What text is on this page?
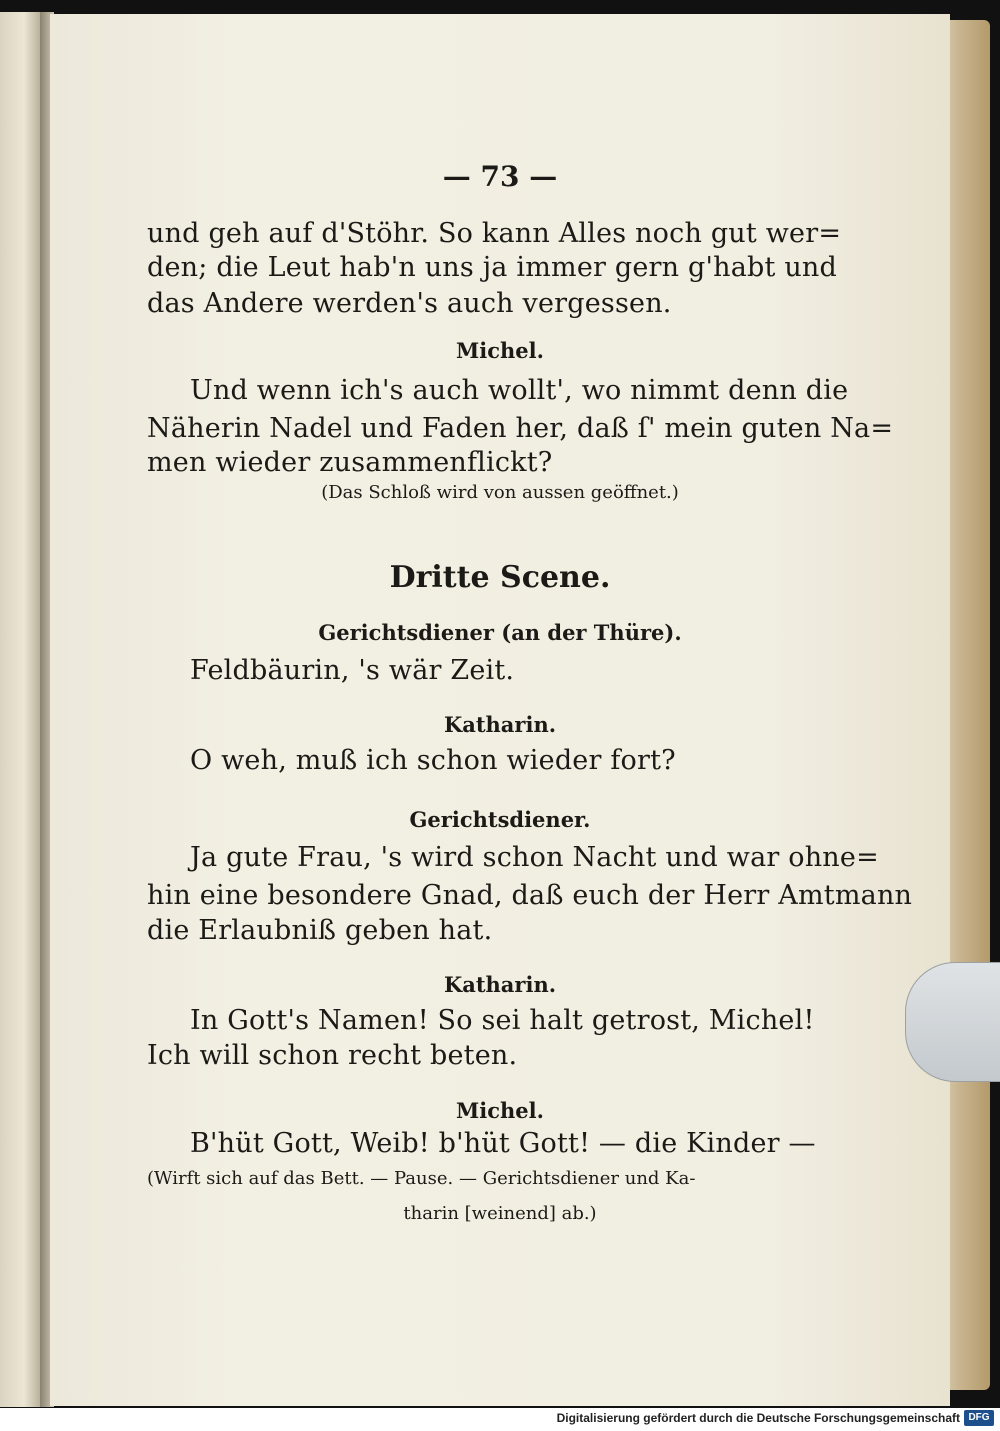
— 73 —
und geh auf d'Stöhr. So kann Alles noch gut wer=
den; die Leut hab'n uns ja immer gern g'habt und
das Andere werden's auch vergessen.
Michel.
Und wenn ich's auch wollt', wo nimmt denn die
Näherin Nadel und Faden her, daß ſ' mein guten Na=
men wieder zusammenflickt?
(Das Schloß wird von aussen geöffnet.)
Dritte Scene.
Gerichtsdiener (an der Thüre).
Feldbäurin, 's wär Zeit.
Katharin.
O weh, muß ich schon wieder fort?
Gerichtsdiener.
Ja gute Frau, 's wird schon Nacht und war ohne=
hin eine besondere Gnad, daß euch der Herr Amtmann
die Erlaubniß geben hat.
Katharin.
In Gott's Namen! So sei halt getrost, Michel!
Ich will schon recht beten.
Michel.
B'hüt Gott, Weib! b'hüt Gott! — die Kinder —
(Wirft sich auf das Bett. — Pause. — Gerichtsdiener und Ka-
tharin [weinend] ab.)
Digitalisierung gefördert durch die Deutsche Forschungsgemeinschaft DFG
